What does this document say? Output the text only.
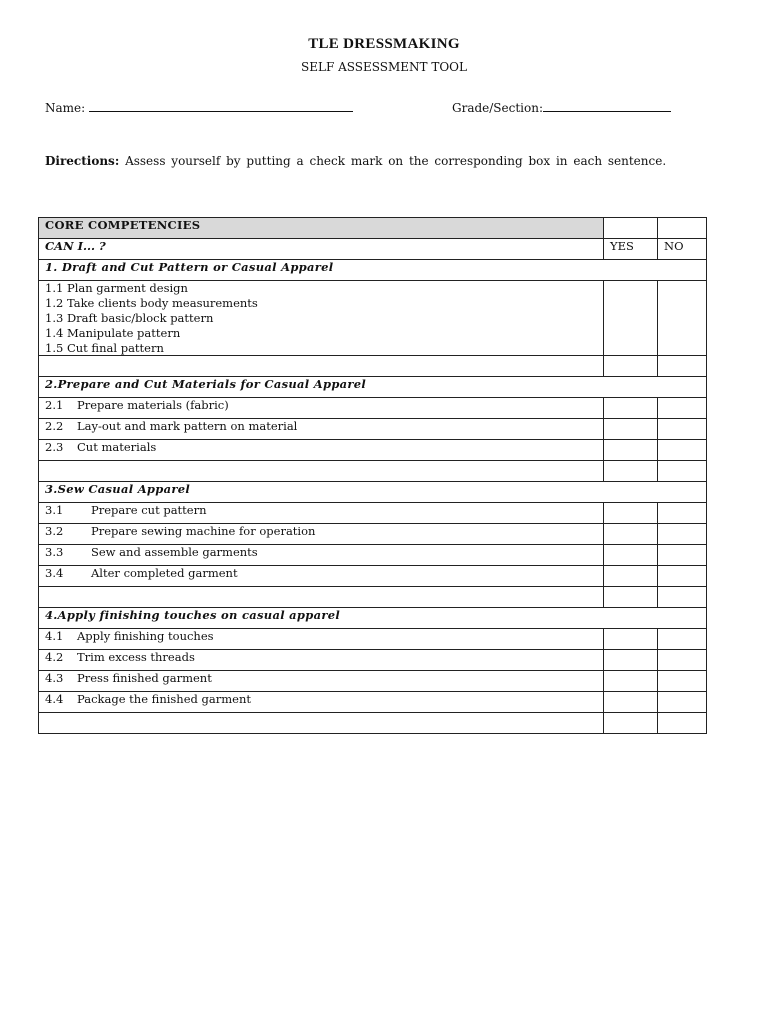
TLE DRESSMAKING
SELF ASSESSMENT TOOL
Name:	Grade/Section:
Directions: Assess yourself by putting a check mark on the corresponding box in each sentence.
CORE COMPETENCIES		
CAN I... ?	YES	NO
1. Draft and Cut Pattern or Casual Apparel		
1.1 Plan garment design		
1.2 Take clients body measurements		
1.3 Draft basic/block pattern		
1.4 Manipulate pattern		
1.5 Cut final pattern		

2.Prepare and Cut Materials for Casual Apparel		
2.1 Prepare materials (fabric)		
2.2 Lay-out and mark pattern on material		
2.3 Cut materials		

3.Sew Casual Apparel		
3.1 Prepare cut pattern		
3.2 Prepare sewing machine for operation		
3.3 Sew and assemble garments		
3.4 Alter completed garment		

4.Apply finishing touches on casual apparel		
4.1 Apply finishing touches		
4.2 Trim excess threads		
4.3 Press finished garment		
4.4 Package the finished garment		
